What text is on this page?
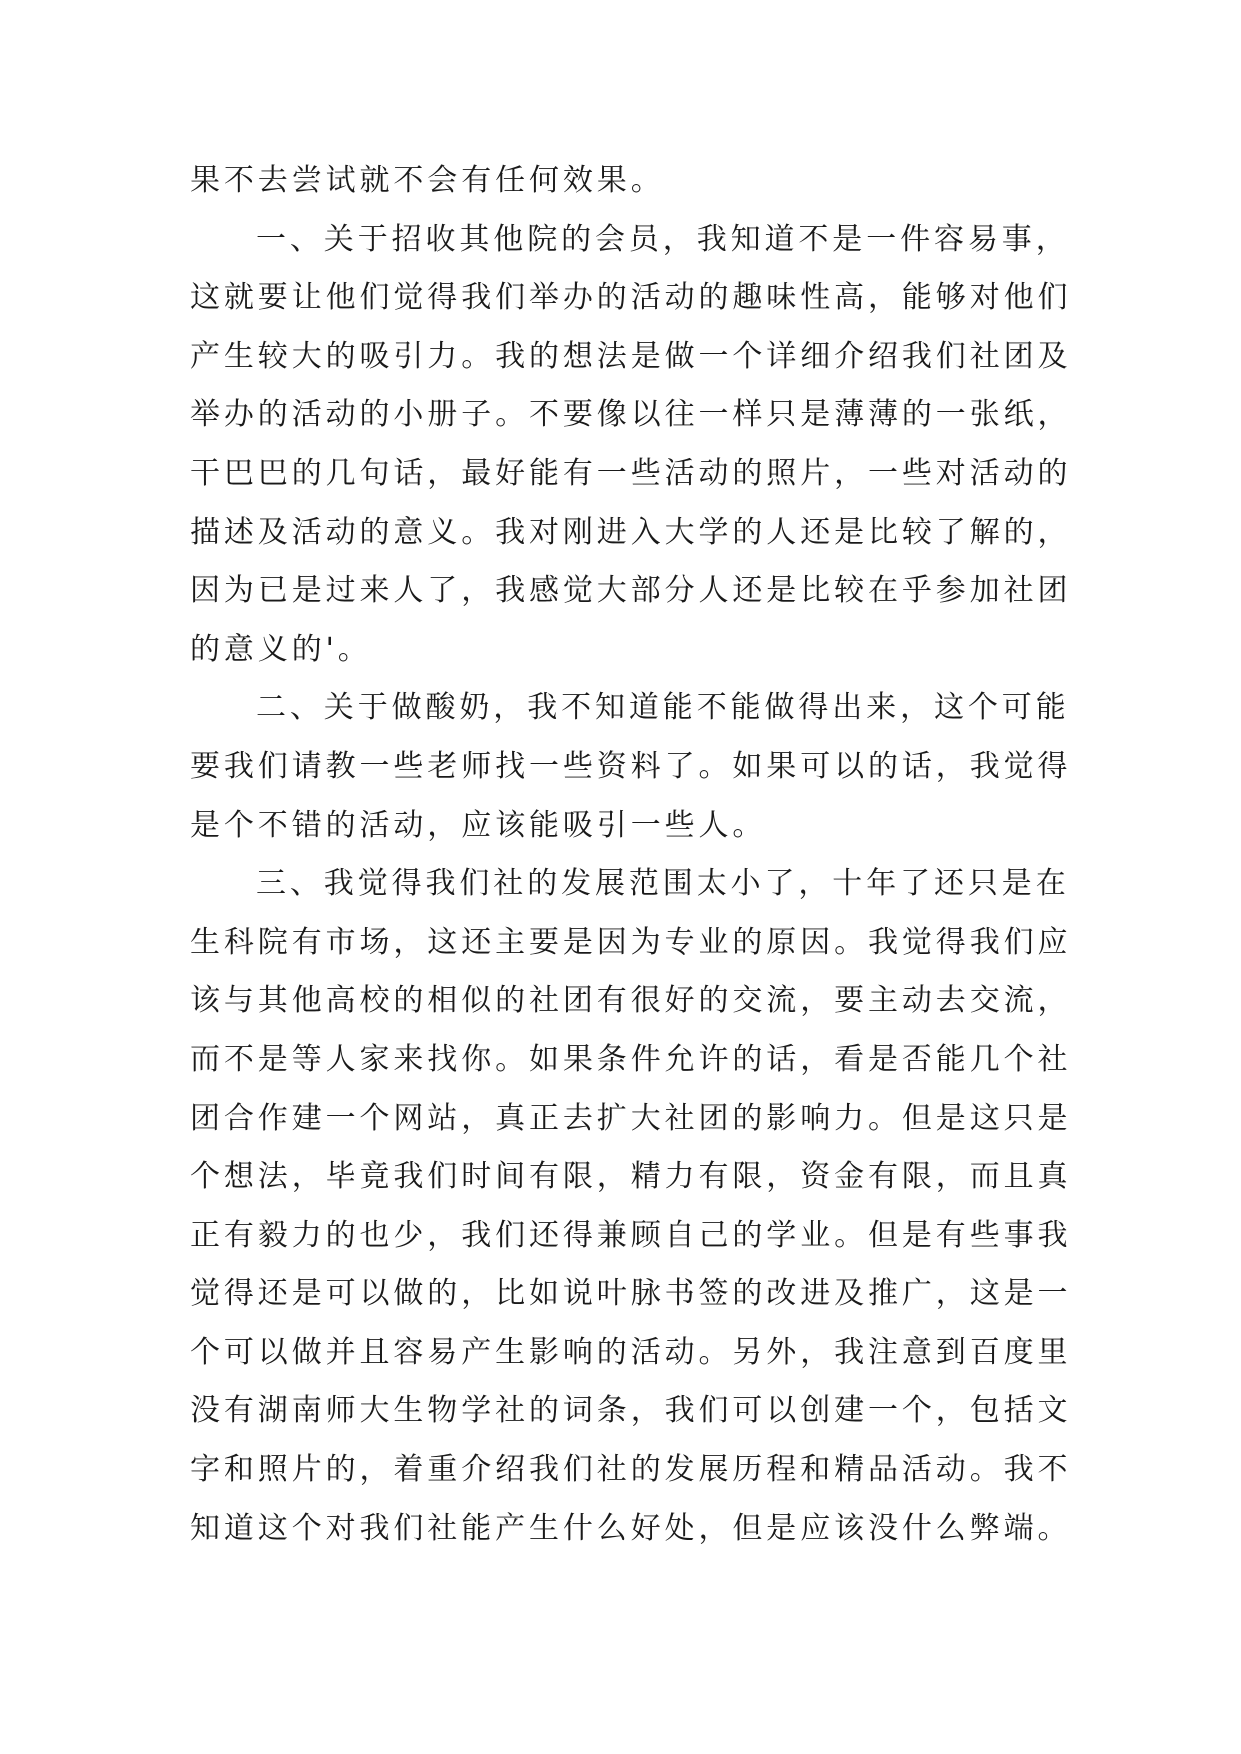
果不去尝试就不会有任何效果。
一、关于招收其他院的会员，我知道不是一件容易事，
这就要让他们觉得我们举办的活动的趣味性高，能够对他们
产生较大的吸引力。我的想法是做一个详细介绍我们社团及
举办的活动的小册子。不要像以往一样只是薄薄的一张纸，
干巴巴的几句话，最好能有一些活动的照片，一些对活动的
描述及活动的意义。我对刚进入大学的人还是比较了解的，
因为已是过来人了，我感觉大部分人还是比较在乎参加社团
的意义的'。
二、关于做酸奶，我不知道能不能做得出来，这个可能
要我们请教一些老师找一些资料了。如果可以的话，我觉得
是个不错的活动，应该能吸引一些人。
三、我觉得我们社的发展范围太小了，十年了还只是在
生科院有市场，这还主要是因为专业的原因。我觉得我们应
该与其他高校的相似的社团有很好的交流，要主动去交流，
而不是等人家来找你。如果条件允许的话，看是否能几个社
团合作建一个网站，真正去扩大社团的影响力。但是这只是
个想法，毕竟我们时间有限，精力有限，资金有限，而且真
正有毅力的也少，我们还得兼顾自己的学业。但是有些事我
觉得还是可以做的，比如说叶脉书签的改进及推广，这是一
个可以做并且容易产生影响的活动。另外，我注意到百度里
没有湖南师大生物学社的词条，我们可以创建一个，包括文
字和照片的，着重介绍我们社的发展历程和精品活动。我不
知道这个对我们社能产生什么好处，但是应该没什么弊端。
